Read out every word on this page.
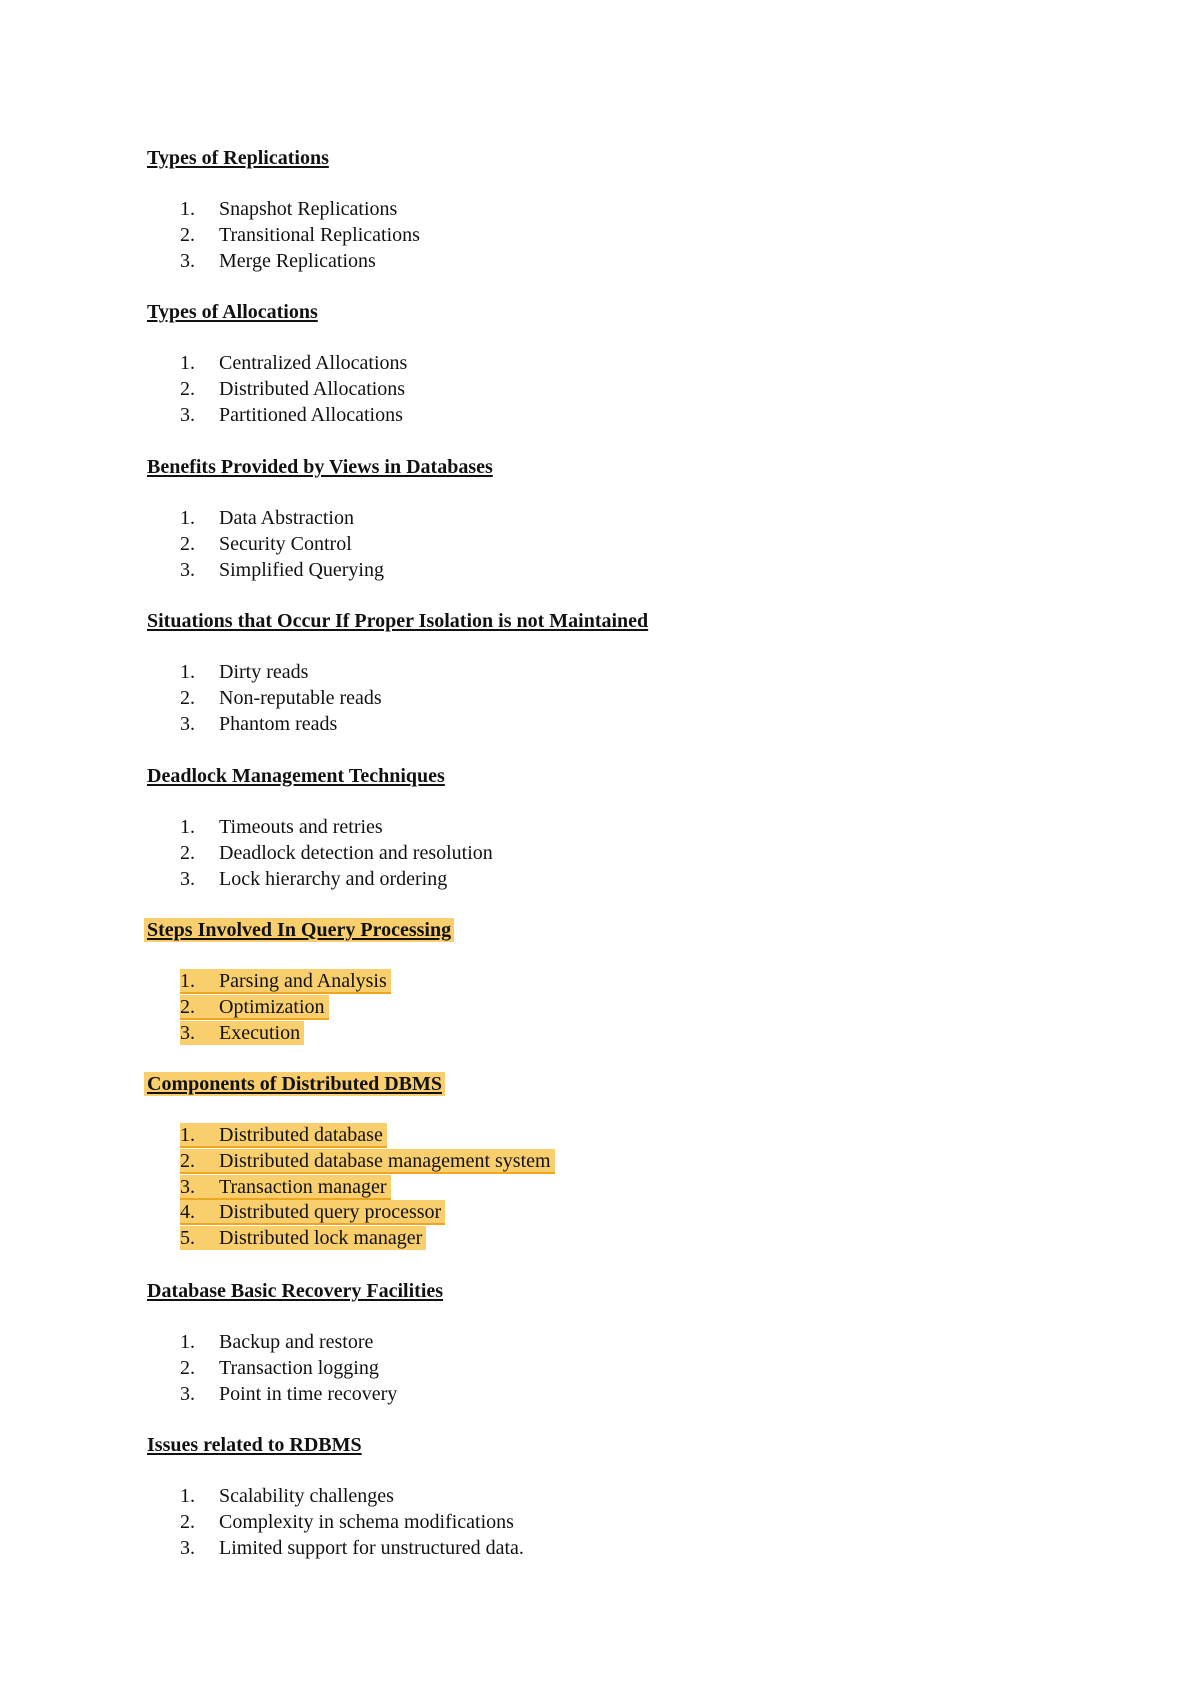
Types of Replications
1. Snapshot Replications
2. Transitional Replications
3. Merge Replications
Types of Allocations
1. Centralized Allocations
2. Distributed Allocations
3. Partitioned Allocations
Benefits Provided by Views in Databases
1. Data Abstraction
2. Security Control
3. Simplified Querying
Situations that Occur If Proper Isolation is not Maintained
1. Dirty reads
2. Non-reputable reads
3. Phantom reads
Deadlock Management Techniques
1. Timeouts and retries
2. Deadlock detection and resolution
3. Lock hierarchy and ordering
Steps Involved In Query Processing
1. Parsing and Analysis
2. Optimization
3. Execution
Components of Distributed DBMS
1. Distributed database
2. Distributed database management system
3. Transaction manager
4. Distributed query processor
5. Distributed lock manager
Database Basic Recovery Facilities
1. Backup and restore
2. Transaction logging
3. Point in time recovery
Issues related to RDBMS
1. Scalability challenges
2. Complexity in schema modifications
3. Limited support for unstructured data.
